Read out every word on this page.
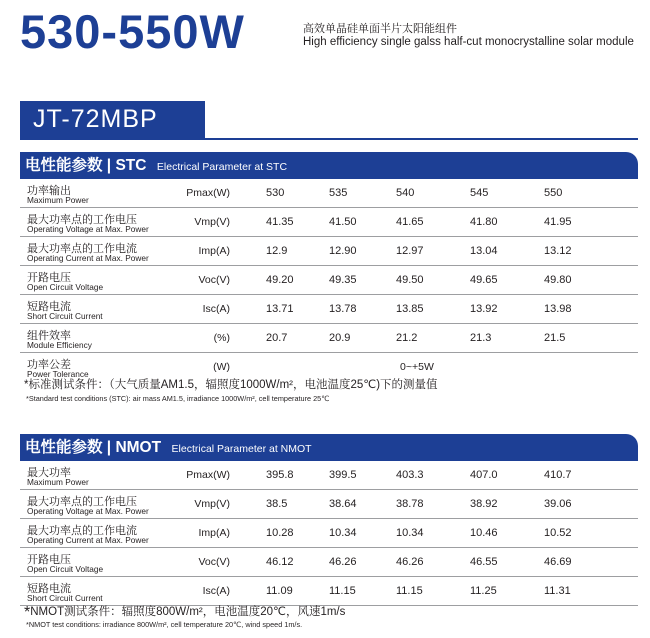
530-550W	高效单晶硅单面半片太阳能组件
High efficiency single galss half-cut monocrystalline solar module
JT-72MBP
电性能参数 | STC Electrical Parameter at STC
功率输出
Maximum Power
Pmax(W)	530	535	540	545	550
最大功率点的工作电压
Operating Voltage at Max. Power
Vmp(V)	41.35	41.50	41.65	41.80	41.95
最大功率点的工作电流
Operating Current at Max. Power
Imp(A)	12.9	12.90	12.97	13.04	13.12
开路电压
Open Circuit Voltage
Voc(V)	49.20	49.35	49.50	49.65	49.80
短路电流
Short Circuit Current
Isc(A)	13.71	13.78	13.85	13.92	13.98
组件效率
Module Efficiency
(%)	20.7	20.9	21.2	21.3	21.5
功率公差
Power Tolerance
(W)	0~+5W
*标准测试条件：（大气质量AM1.5，辐照度1000W/m²，电池温度25℃)下的测量值
*Standard test conditions (STC): air mass AM1.5, irradiance 1000W/m², cell temperature 25℃
电性能参数 | NMOT Electrical Parameter at NMOT
最大功率
Maximum Power
Pmax(W)	395.8	399.5	403.3	407.0	410.7
最大功率点的工作电压
Operating Voltage at Max. Power
Vmp(V)	38.5	38.64	38.78	38.92	39.06
最大功率点的工作电流
Operating Current at Max. Power
Imp(A)	10.28	10.34	10.34	10.46	10.52
开路电压
Open Circuit Voltage
Voc(V)	46.12	46.26	46.26	46.55	46.69
短路电流
Short Circuit Current
Isc(A)	11.09	11.15	11.15	11.25	11.31
*NMOT测试条件：辐照度800W/m²，电池温度20℃，风速1m/s
*NMOT test conditions: irradiance 800W/m², cell temperature 20℃, wind speed 1m/s.
